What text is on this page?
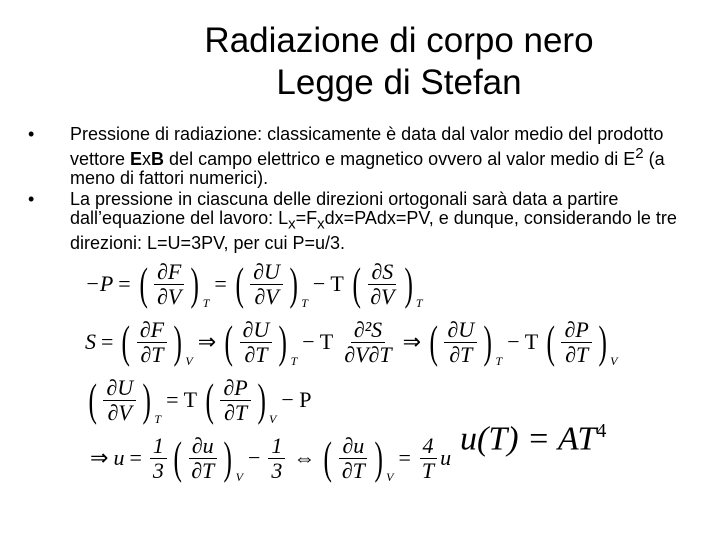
Radiazione di corpo nero
Legge di Stefan
• Pressione di radiazione: classicamente è data dal valor medio del prodotto vettore ExB del campo elettrico e magnetico ovvero al valor medio di $E^2$ (a meno di fattori numerici).
• La pressione in ciascuna delle direzioni ortogonali sarà data a partire dall’equazione del lavoro: $L_x=F_xdx=PAdx=PV$, e dunque, considerando le tre direzioni: L=U=3PV, per cui P=u/3.
−P = ( $\frac{\partial F}{\partial V}$ ) T
= ( $\frac{\partial U}{\partial V}$ ) T
− T ( $\frac{\partial S}{\partial V}$ ) T
S = ( $\frac{\partial F}{\partial T}$ ) V
⇒ ( $\frac{\partial U}{\partial T}$ ) T
− T $\frac{\text{∂²S}}{\partial V\partial T}$ ⇒ ( $\frac{\partial U}{\partial T}$ ) T
− T ( $\frac{\partial P}{\partial T}$ ) V
( $\frac{\partial U}{\partial V}$ ) T
= T ( $\frac{\partial P}{\partial T}$ ) V
− P
⇒ $u = \frac{1}{3}$ ( $\frac{\partial u}{\partial T}$ ) V
− $\frac{1}{3}$ ⇔ ( $\frac{\partial u}{\partial T}$ ) V
= $\frac{4}{T}$ u
$u(T) = AT^4$
